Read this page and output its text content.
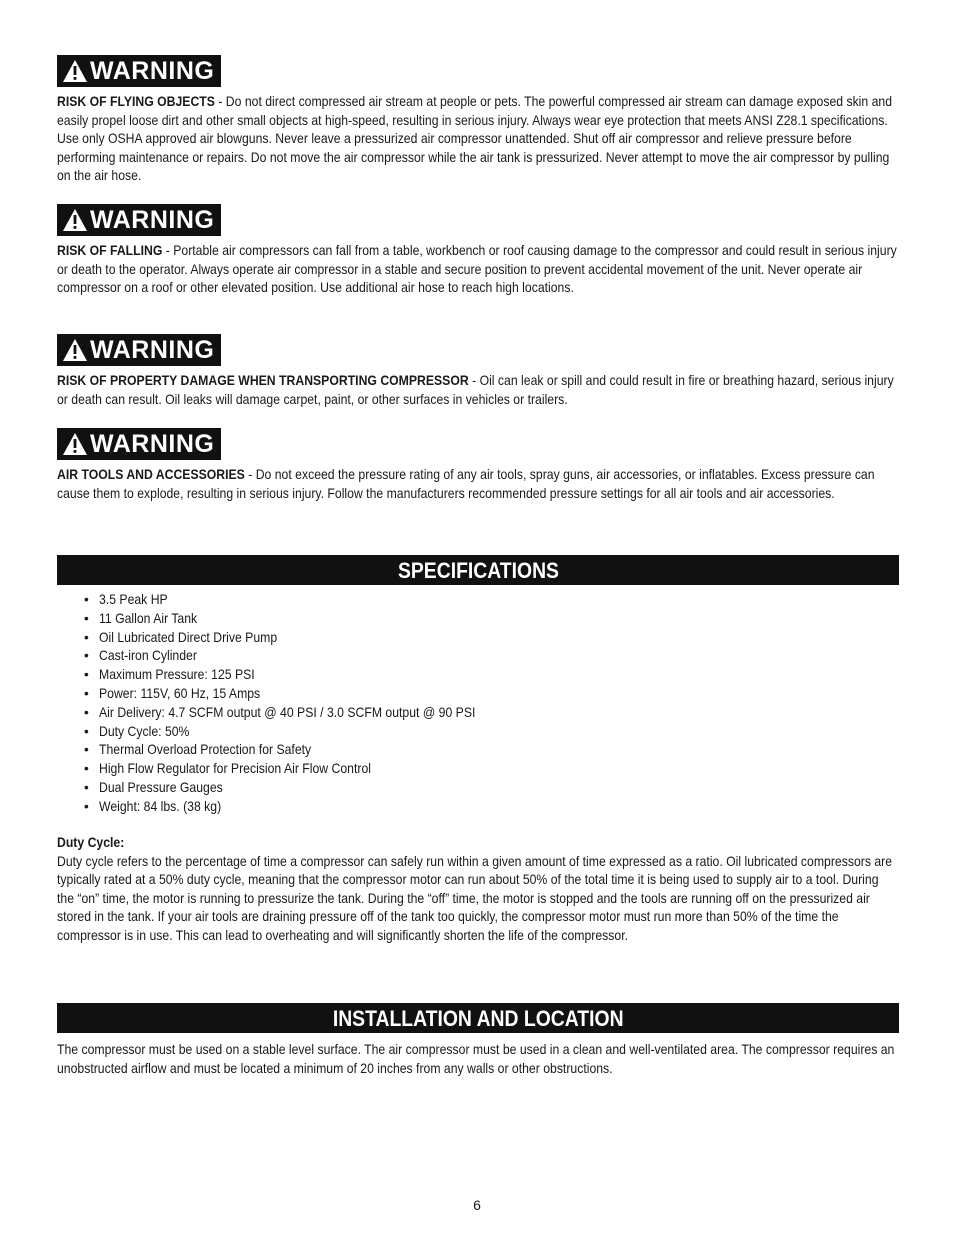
WARNING

RISK OF FLYING OBJECTS - Do not direct compressed air stream at people or pets. The powerful compressed air stream can damage exposed skin and easily propel loose dirt and other small objects at high-speed, resulting in serious injury. Always wear eye protection that meets ANSI Z28.1 specifications. Use only OSHA approved air blowguns. Never leave a pressurized air compressor unattended. Shut off air compressor and relieve pressure before performing maintenance or repairs. Do not move the air compressor while the air tank is pressurized. Never attempt to move the air compressor by pulling on the air hose.

WARNING

RISK OF FALLING - Portable air compressors can fall from a table, workbench or roof causing damage to the compressor and could result in serious injury or death to the operator. Always operate air compressor in a stable and secure position to prevent accidental movement of the unit. Never operate air compressor on a roof or other elevated position. Use additional air hose to reach high locations.

WARNING

RISK OF PROPERTY DAMAGE WHEN TRANSPORTING COMPRESSOR - Oil can leak or spill and could result in fire or breathing hazard, serious injury or death can result. Oil leaks will damage carpet, paint, or other surfaces in vehicles or trailers.

WARNING

AIR TOOLS AND ACCESSORIES - Do not exceed the pressure rating of any air tools, spray guns, air accessories, or inflatables. Excess pressure can cause them to explode, resulting in serious injury. Follow the manufacturers recommended pressure settings for all air tools and air accessories.

SPECIFICATIONS
• 3.5 Peak HP
• 11 Gallon Air Tank
• Oil Lubricated Direct Drive Pump
• Cast-iron Cylinder
• Maximum Pressure: 125 PSI
• Power: 115V, 60 Hz, 15 Amps
• Air Delivery: 4.7 SCFM output @ 40 PSI / 3.0 SCFM output @ 90 PSI
• Duty Cycle: 50%
• Thermal Overload Protection for Safety
• High Flow Regulator for Precision Air Flow Control
• Dual Pressure Gauges
• Weight: 84 lbs. (38 kg)

Duty Cycle:

Duty cycle refers to the percentage of time a compressor can safely run within a given amount of time expressed as a ratio. Oil lubricated compressors are typically rated at a 50% duty cycle, meaning that the compressor motor can run about 50% of the total time it is being used to supply air to a tool. During the “on” time, the motor is running to pressurize the tank. During the “off” time, the motor is stopped and the tools are running off on the pressurized air stored in the tank. If your air tools are draining pressure off of the tank too quickly, the compressor motor must run more than 50% of the time the compressor is in use. This can lead to overheating and will significantly shorten the life of the compressor.

INSTALLATION AND LOCATION

The compressor must be used on a stable level surface. The air compressor must be used in a clean and well-ventilated area. The compressor requires an unobstructed airflow and must be located a minimum of 20 inches from any walls or other obstructions.

6
